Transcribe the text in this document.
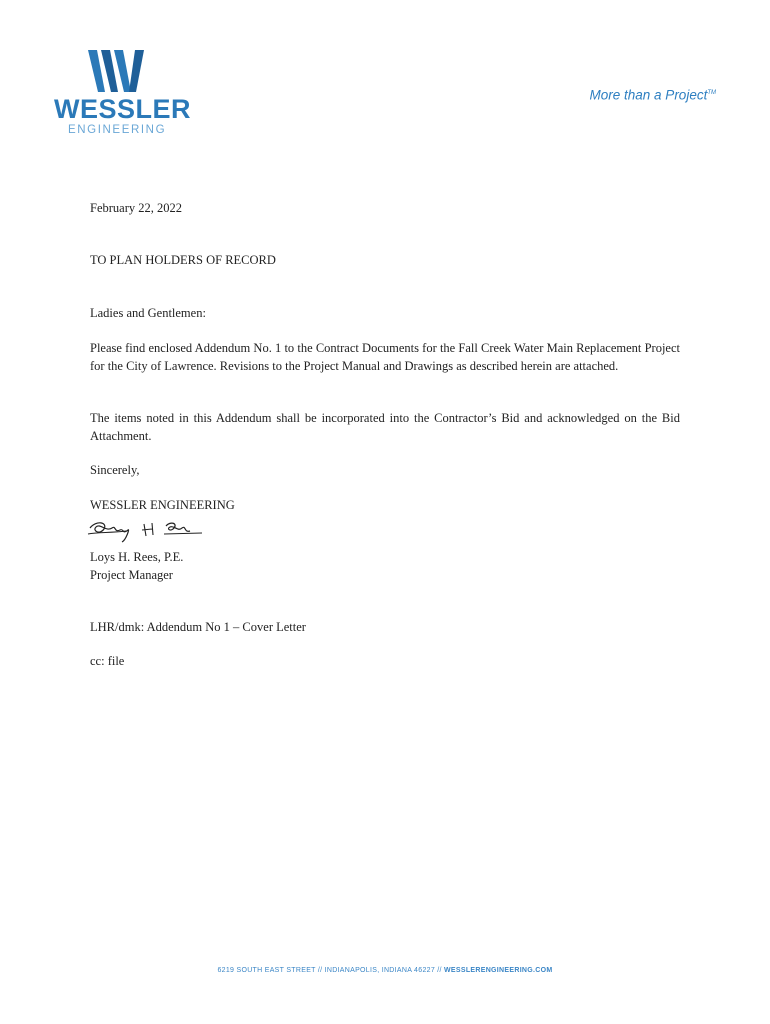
WESSLER
ENGINEERING
More than a Project™

February 22, 2022

TO PLAN HOLDERS OF RECORD

Ladies and Gentlemen:

Please find enclosed Addendum No. 1 to the Contract Documents for the Fall Creek Water Main Replacement Project for the City of Lawrence. Revisions to the Project Manual and Drawings as described herein are attached.

The items noted in this Addendum shall be incorporated into the Contractor’s Bid and acknowledged on the Bid Attachment.

Sincerely,

WESSLER ENGINEERING

Loys H. Rees, P.E.

Project Manager

LHR/dmk: Addendum No 1 – Cover Letter

cc: file

6219 SOUTH EAST STREET // INDIANAPOLIS, INDIANA 46227 // WESSLERENGINEERING.COM
